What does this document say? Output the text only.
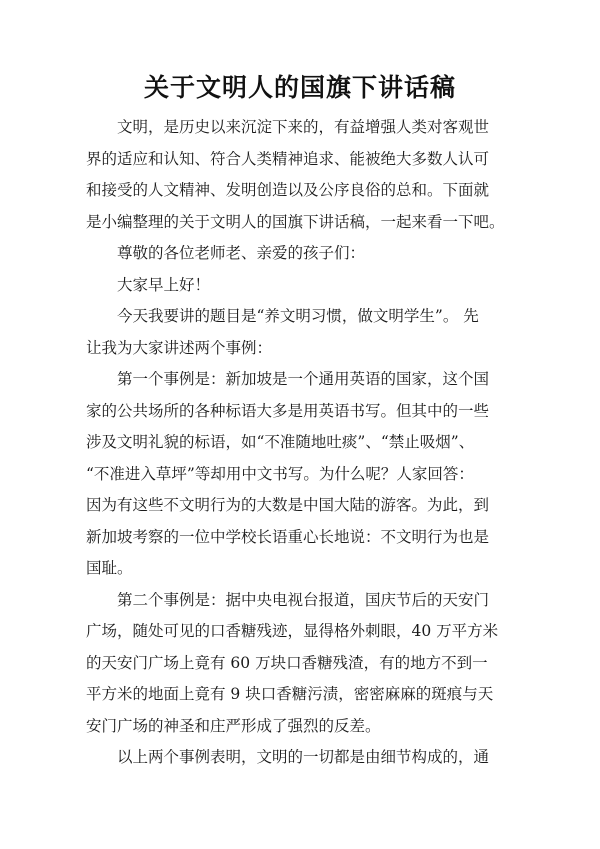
关于文明人的国旗下讲话稿
文明，是历史以来沉淀下来的，有益增强人类对客观世
界的适应和认知、符合人类精神追求、能被绝大多数人认可
和接受的人文精神、发明创造以及公序良俗的总和。下面就
是小编整理的关于文明人的国旗下讲话稿，一起来看一下吧。
尊敬的各位老师老、亲爱的孩子们：
大家早上好！
今天我要讲的题目是“养文明习惯，做文明学生”。 先
让我为大家讲述两个事例：
第一个事例是：新加坡是一个通用英语的国家，这个国
家的公共场所的各种标语大多是用英语书写。但其中的一些
涉及文明礼貌的标语，如“不准随地吐痰”、“禁止吸烟”、
“不准进入草坪”等却用中文书写。为什么呢？人家回答：
因为有这些不文明行为的大数是中国大陆的游客。为此，到
新加坡考察的一位中学校长语重心长地说：不文明行为也是
国耻。
第二个事例是：据中央电视台报道，国庆节后的天安门
广场，随处可见的口香糖残迹，显得格外刺眼，40 万平方米
的天安门广场上竟有 60 万块口香糖残渣，有的地方不到一
平方米的地面上竟有 9 块口香糖污渍，密密麻麻的斑痕与天
安门广场的神圣和庄严形成了强烈的反差。
以上两个事例表明，文明的一切都是由细节构成的，通
